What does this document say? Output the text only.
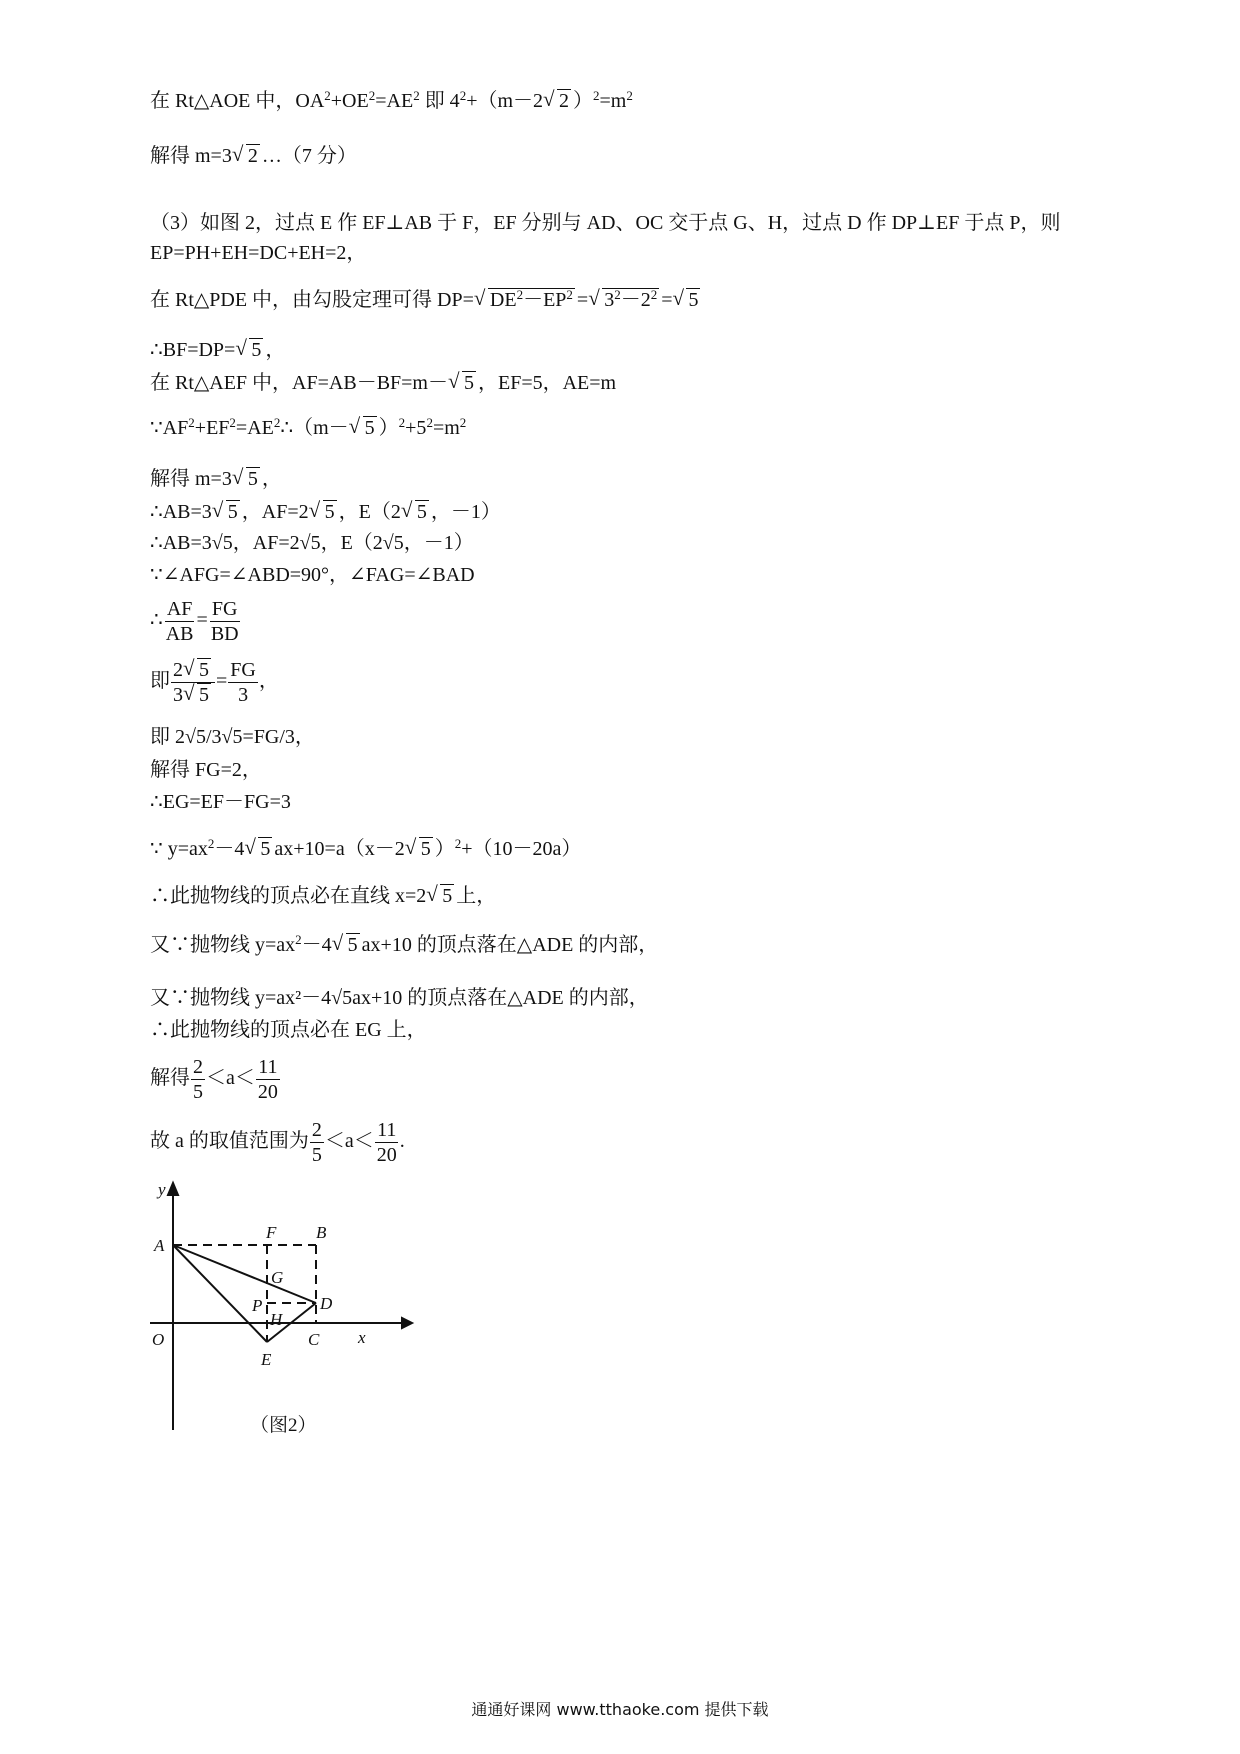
在 Rt△AOE 中，$OA^2+OE^2=AE^2$ 即 $4^2+(m-2√$ 2 ）$^2=m^2$
解得 m=3√ 2 …（7 分）
（3）如图 2，过点 E 作 EF⊥AB 于 F，EF 分别与 AD、OC 交于点 G、H，过点 D 作 DP⊥EF 于点 P，则
EP=PH+EH=DC+EH=2，
在 Rt△PDE 中，由勾股定理可得 DP=√ $DE^2-EP^2$ =√ $3^2-2^2$ =√ 5
∴BF=DP=√ 5 ，
在 Rt△AEF 中，AF=AB－BF=m－√ 5 ，EF=5，AE=m
$\because AF^2+EF^2=AE^2\therefore(m-√$ 5 ）$^2+5^2=m^2$
解得 m=3√ 5 ，
∴AB=3√ 5 ，AF=2√ 5 ，E（2√ 5 ，－1）
∴AB=3√5，AF=2√5，E（2√5，－1）
∵∠AFG=∠ABD=90°，∠FAG=∠BAD
∴ $\frac{AF}{AB} = \frac{FG}{BD}$
即 $\frac{2√ 5}{3√ 5} = \frac{FG}{3}$ ，
即 2√5/3√5=FG/3，
解得 FG=2，
∴EG=EF－FG=3
∵ $y=ax^2-4√$ 5 ax+10=a（x－2√ 5 ）$^2$+（10－20a）
∴此抛物线的顶点必在直线 x=2√ 5 上，
又∵抛物线 $y=ax^2-4√$ 5 ax+10 的顶点落在△ADE 的内部，
又∵抛物线 y=ax²－4√5ax+10 的顶点落在△ADE 的内部，
∴此抛物线的顶点必在 EG 上，
解得 $\frac{2}{5} <a< \frac{11}{20}$
故 a 的取值范围为 $\frac{2}{5} <a< \frac{11}{20}$ .
y
x
O
A
F B
G
P
H
D
C
E
（图2）
通通好课网 www.tthaoke.com 提供下载
